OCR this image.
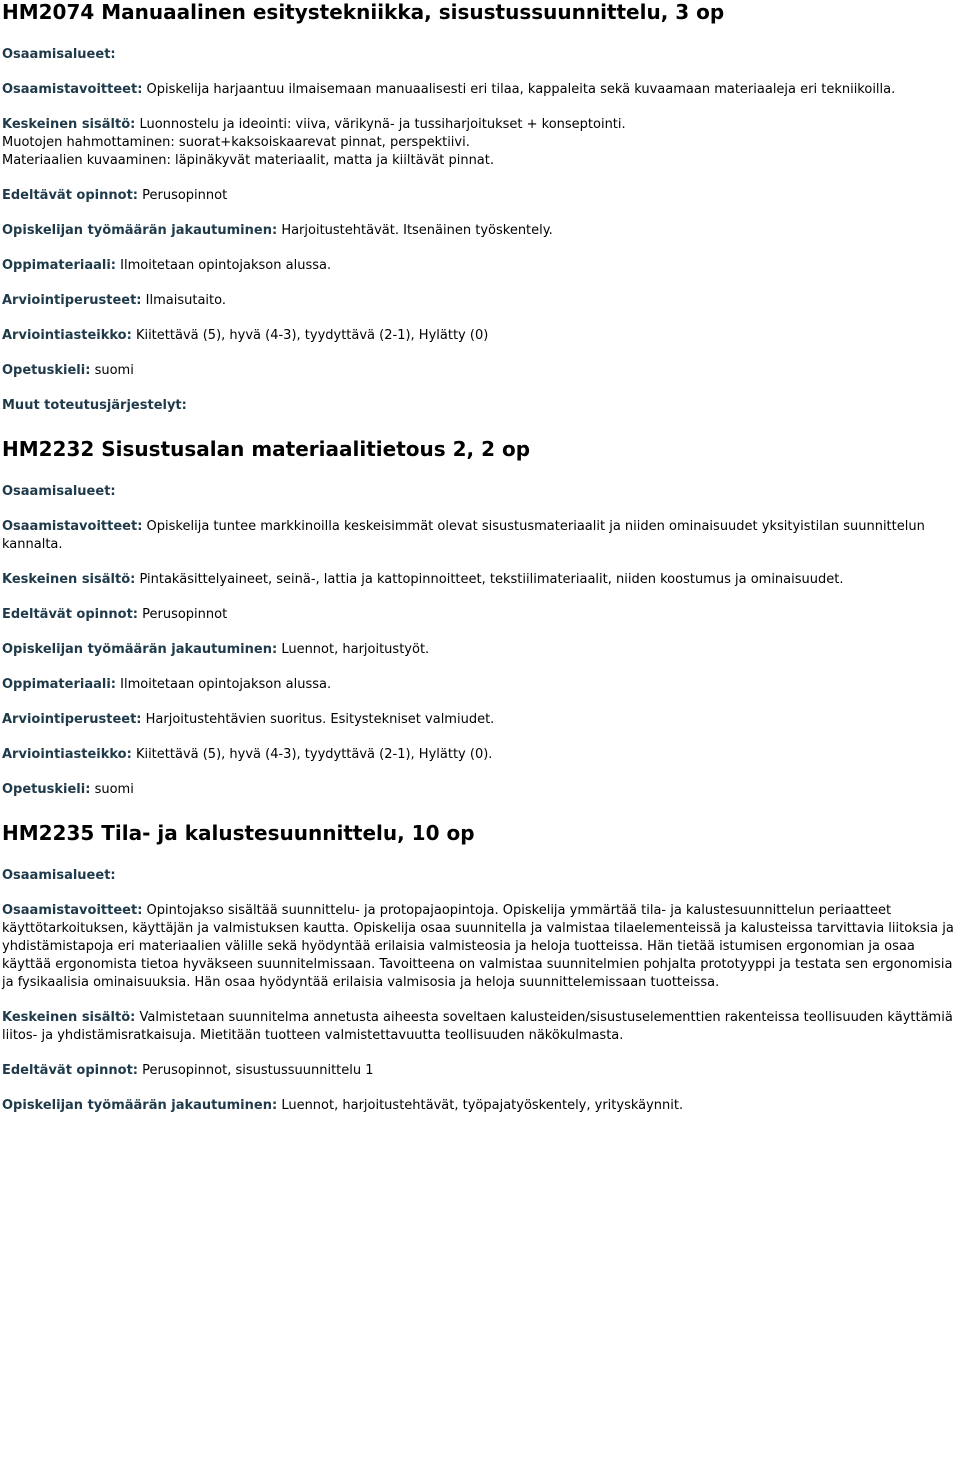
HM2074 Manuaalinen esitystekniikka, sisustussuunnittelu, 3 op

Osaamisalueet:

Osaamistavoitteet: Opiskelija harjaantuu ilmaisemaan manuaalisesti eri tilaa, kappaleita sekä kuvaamaan materiaaleja eri tekniikoilla.

Keskeinen sisältö: Luonnostelu ja ideointi: viiva, värikynä- ja tussiharjoitukset + konseptointi.
Muotojen hahmottaminen: suorat+kaksoiskaarevat pinnat, perspektiivi.
Materiaalien kuvaaminen: läpinäkyvät materiaalit, matta ja kiiltävät pinnat.

Edeltävät opinnot: Perusopinnot

Opiskelijan työmäärän jakautuminen: Harjoitustehtävät. Itsenäinen työskentely.

Oppimateriaali: Ilmoitetaan opintojakson alussa.

Arviointiperusteet: Ilmaisutaito.

Arviointiasteikko: Kiitettävä (5), hyvä (4-3), tyydyttävä (2-1), Hylätty (0)

Opetuskieli: suomi

Muut toteutusjärjestelyt:

HM2232 Sisustusalan materiaalitietous 2, 2 op

Osaamisalueet:

Osaamistavoitteet: Opiskelija tuntee markkinoilla keskeisimmät olevat sisustusmateriaalit ja niiden ominaisuudet yksityistilan suunnittelun kannalta.

Keskeinen sisältö: Pintakäsittelyaineet, seinä-, lattia ja kattopinnoitteet, tekstiilimateriaalit, niiden koostumus ja ominaisuudet.

Edeltävät opinnot: Perusopinnot

Opiskelijan työmäärän jakautuminen: Luennot, harjoitustyöt.

Oppimateriaali: Ilmoitetaan opintojakson alussa.

Arviointiperusteet: Harjoitustehtävien suoritus. Esitystekniset valmiudet.

Arviointiasteikko: Kiitettävä (5), hyvä (4-3), tyydyttävä (2-1), Hylätty (0).

Opetuskieli: suomi

HM2235 Tila- ja kalustesuunnittelu, 10 op

Osaamisalueet:

Osaamistavoitteet: Opintojakso sisältää suunnittelu- ja protopajaopintoja. Opiskelija ymmärtää tila- ja kalustesuunnittelun periaatteet käyttötarkoituksen, käyttäjän ja valmistuksen kautta. Opiskelija osaa suunnitella ja valmistaa tilaelementeissä ja kalusteissa tarvittavia liitoksia ja yhdistämistapoja eri materiaalien välille sekä hyödyntää erilaisia valmisteosia ja heloja tuotteissa. Hän tietää istumisen ergonomian ja osaa käyttää ergonomista tietoa hyväkseen suunnitelmissaan. Tavoitteena on valmistaa suunnitelmien pohjalta prototyyppi ja testata sen ergonomisia ja fysikaalisia ominaisuuksia. Hän osaa hyödyntää erilaisia valmisosia ja heloja suunnittelemissaan tuotteissa.

Keskeinen sisältö: Valmistetaan suunnitelma annetusta aiheesta soveltaen kalusteiden/sisustuselementtien rakenteissa teollisuuden käyttämiä liitos- ja yhdistämisratkaisuja. Mietitään tuotteen valmistettavuutta teollisuuden näkökulmasta.

Edeltävät opinnot: Perusopinnot, sisustussuunnittelu 1

Opiskelijan työmäärän jakautuminen: Luennot, harjoitustehtävät, työpajatyöskentely, yrityskäynnit.
